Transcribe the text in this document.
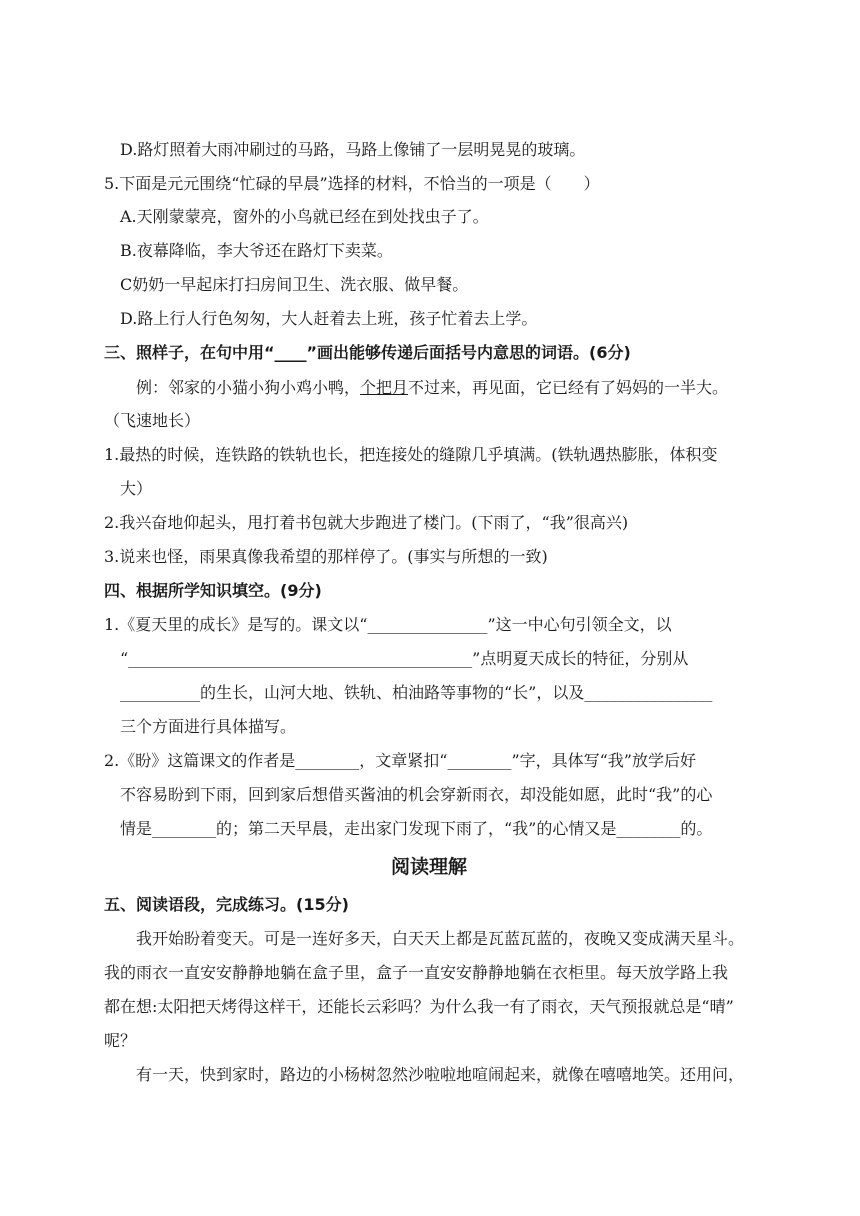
D.路灯照着大雨冲刷过的马路，马路上像铺了一层明晃晃的玻璃。
5.下面是元元围绕“忙碌的早晨”选择的材料，不恰当的一项是（　　）
A.天刚蒙蒙亮，窗外的小鸟就已经在到处找虫子了。
B.夜幕降临，李大爷还在路灯下卖菜。
C奶奶一早起床打扫房间卫生、洗衣服、做早餐。
D.路上行人行色匆匆，大人赶着去上班，孩子忙着去上学。
三、照样子，在句中用“____”画出能够传递后面括号内意思的词语。(6分)
例：邻家的小猫小狗小鸡小鸭，个把月不过来，再见面，它已经有了妈妈的一半大。
（飞速地长）
1.最热的时候，连铁路的铁轨也长，把连接处的缝隙几乎填满。(铁轨遇热膨胀，体积变
大）
2.我兴奋地仰起头，甩打着书包就大步跑进了楼门。(下雨了，“我”很高兴)
3.说来也怪，雨果真像我希望的那样停了。(事实与所想的一致)
四、根据所学知识填空。(9分)
1.《夏天里的成长》是写的。课文以“_______________”这一中心句引领全文，以
“___________________________________________”点明夏天成长的特征，分别从
__________的生长，山河大地、铁轨、柏油路等事物的“长”，以及________________
三个方面进行具体描写。
2.《盼》这篇课文的作者是________，文章紧扣“________”字，具体写“我”放学后好
不容易盼到下雨，回到家后想借买酱油的机会穿新雨衣，却没能如愿，此时“我”的心
情是________的；第二天早晨，走出家门发现下雨了，“我”的心情又是________的。
阅读理解
五、阅读语段，完成练习。(15分)
我开始盼着变天。可是一连好多天，白天天上都是瓦蓝瓦蓝的，夜晚又变成满天星斗。
我的雨衣一直安安静静地躺在盒子里，盒子一直安安静静地躺在衣柜里。每天放学路上我
都在想:太阳把天烤得这样干，还能长云彩吗？为什么我一有了雨衣，天气预报就总是“晴”
呢？
有一天，快到家时，路边的小杨树忽然沙啦啦地喧闹起来，就像在嘻嘻地笑。还用问，
